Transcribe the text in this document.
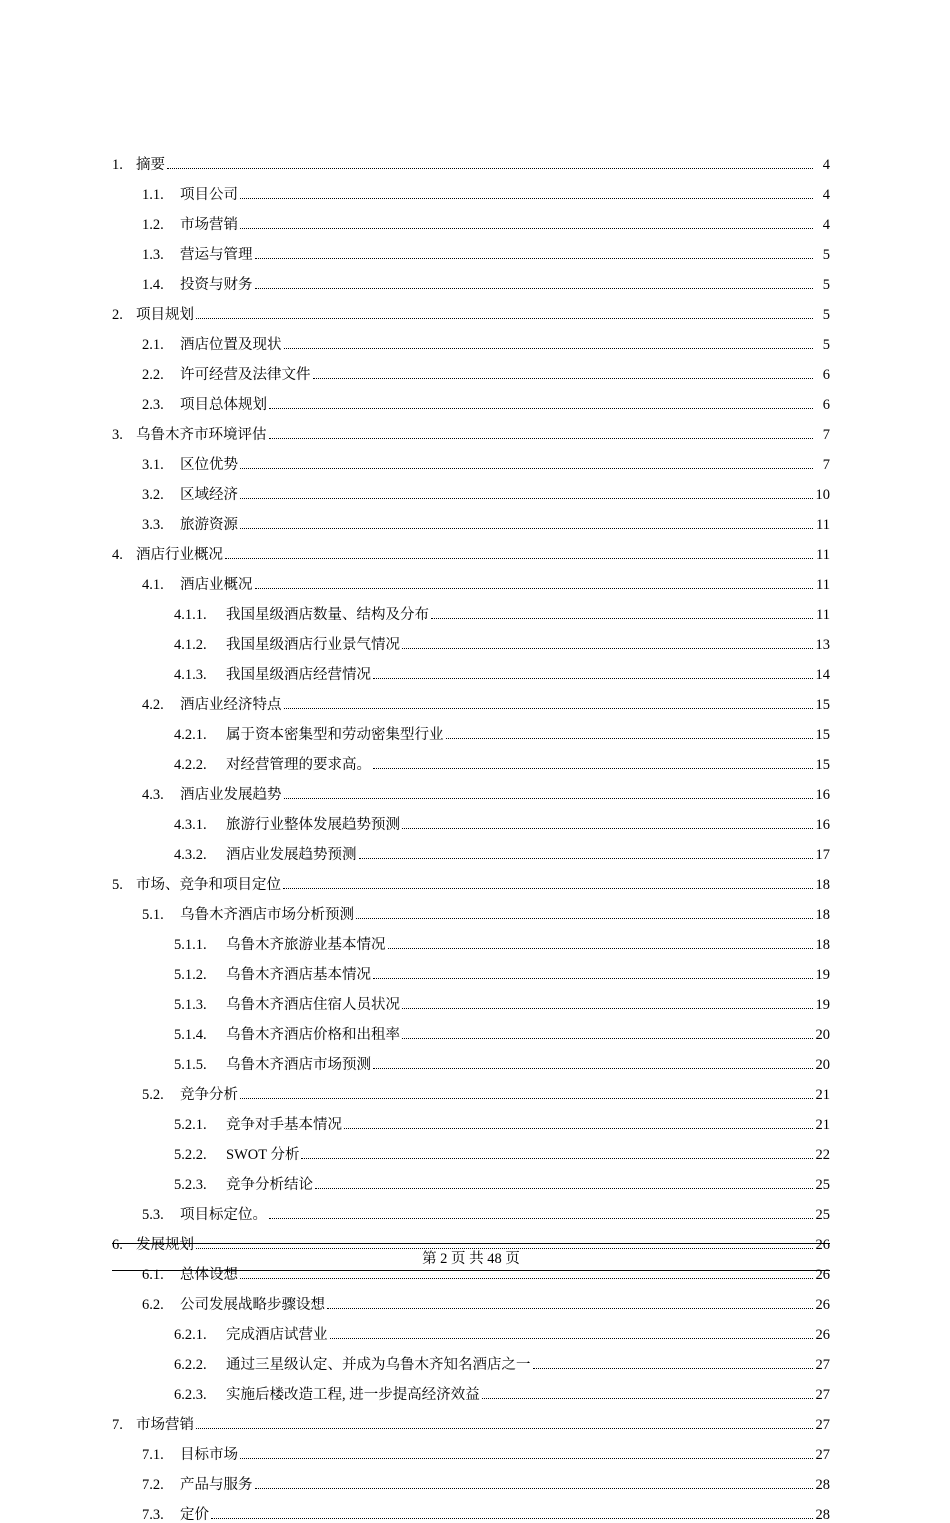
1. 摘要	4
1.1.	项目公司	4
1.2.	市场营销	4
1.3.	营运与管理	5
1.4.	投资与财务	5
2. 项目规划	5
2.1.	酒店位置及现状	5
2.2.	许可经营及法律文件	6
2.3.	项目总体规划	6
3. 乌鲁木齐市环境评估	7
3.1.	区位优势	7
3.2.	区域经济	10
3.3.	旅游资源	11
4. 酒店行业概况	11
4.1.	酒店业概况	11
4.1.1.	我国星级酒店数量、结构及分布	11
4.1.2.	我国星级酒店行业景气情况	13
4.1.3.	我国星级酒店经营情况	14
4.2.	酒店业经济特点	15
4.2.1.	属于资本密集型和劳动密集型行业	15
4.2.2.	对经营管理的要求高。	15
4.3.	酒店业发展趋势	16
4.3.1.	旅游行业整体发展趋势预测	16
4.3.2.	酒店业发展趋势预测	17
5. 市场、竞争和项目定位	18
5.1.	乌鲁木齐酒店市场分析预测	18
5.1.1.	乌鲁木齐旅游业基本情况	18
5.1.2.	乌鲁木齐酒店基本情况	19
5.1.3.	乌鲁木齐酒店住宿人员状况	19
5.1.4.	乌鲁木齐酒店价格和出租率	20
5.1.5.	乌鲁木齐酒店市场预测	20
5.2.	竞争分析	21
5.2.1.	竞争对手基本情况	21
5.2.2.	SWOT 分析	22
5.2.3.	竞争分析结论	25
5.3.	项目标定位。	25
6. 发展规划	26
6.1.	总体设想	26
6.2.	公司发展战略步骤设想	26
6.2.1.	完成酒店试营业	26
6.2.2.	通过三星级认定、并成为乌鲁木齐知名酒店之一	27
6.2.3.	实施后楼改造工程, 进一步提高经济效益	27
7. 市场营销	27
7.1.	目标市场	27
7.2.	产品与服务	28
7.3.	定价	28
第 2 页 共 48 页
